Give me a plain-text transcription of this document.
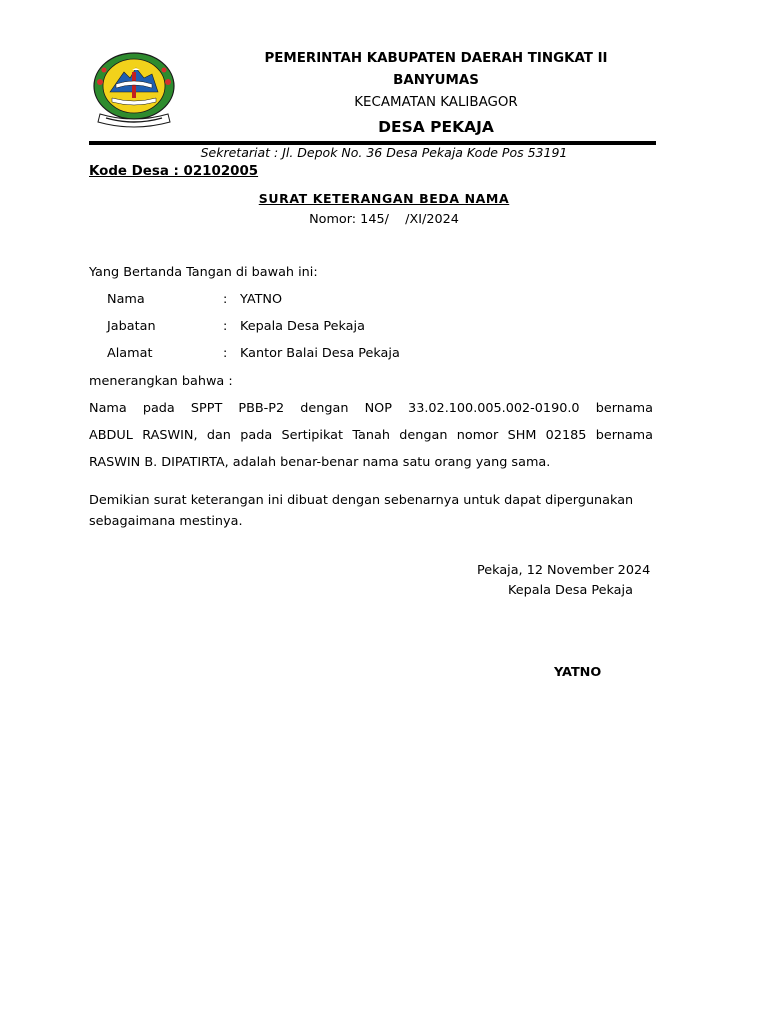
PEMERINTAH KABUPATEN DAERAH TINGKAT II
BANYUMAS
KECAMATAN KALIBAGOR
DESA PEKAJA
Sekretariat : Jl. Depok No. 36 Desa Pekaja Kode Pos 53191
Kode Desa : 02102005
SURAT KETERANGAN BEDA NAMA
Nomor: 145/    /XI/2024
Yang Bertanda Tangan di bawah ini:
Nama	: YATNO
Jabatan	: Kepala Desa Pekaja
Alamat	: Kantor Balai Desa Pekaja
menerangkan bahwa :
Nama pada SPPT PBB-P2 dengan NOP 33.02.100.005.002-0190.0 bernama
ABDUL RASWIN, dan pada Sertipikat Tanah dengan nomor SHM 02185 bernama
RASWIN B. DIPATIRTA, adalah benar-benar nama satu orang yang sama.
Demikian surat keterangan ini dibuat dengan sebenarnya untuk dapat dipergunakan sebagaimana mestinya.
Pekaja, 12 November 2024
Kepala Desa Pekaja
YATNO
